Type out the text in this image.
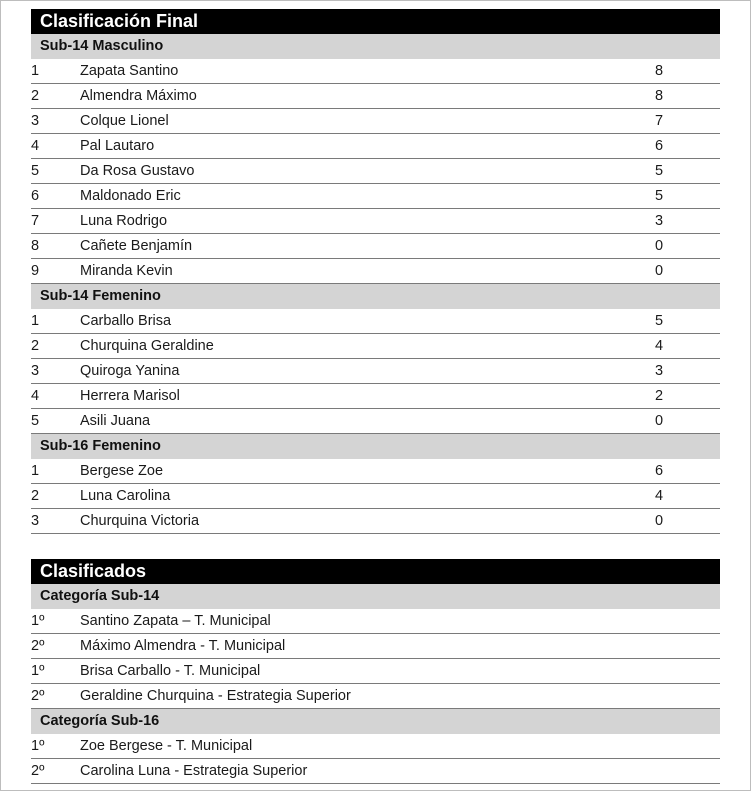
Clasificación Final
Sub-14 Masculino
1	Zapata Santino	8
2	Almendra Máximo	8
3	Colque Lionel	7
4	Pal Lautaro	6
5	Da Rosa Gustavo	5
6	Maldonado Eric	5
7	Luna Rodrigo	3
8	Cañete Benjamín	0
9	Miranda Kevin	0
Sub-14 Femenino
1	Carballo Brisa	5
2	Churquina Geraldine	4
3	Quiroga Yanina	3
4	Herrera Marisol	2
5	Asili Juana	0
Sub-16 Femenino
1	Bergese Zoe	6
2	Luna Carolina	4
3	Churquina Victoria	0
Clasificados
Categoría Sub-14
1º Santino Zapata – T. Municipal
2º Máximo Almendra - T. Municipal
1º Brisa Carballo - T. Municipal
2º Geraldine Churquina - Estrategia Superior
Categoría Sub-16
1º Zoe Bergese - T. Municipal
2º Carolina Luna - Estrategia Superior
